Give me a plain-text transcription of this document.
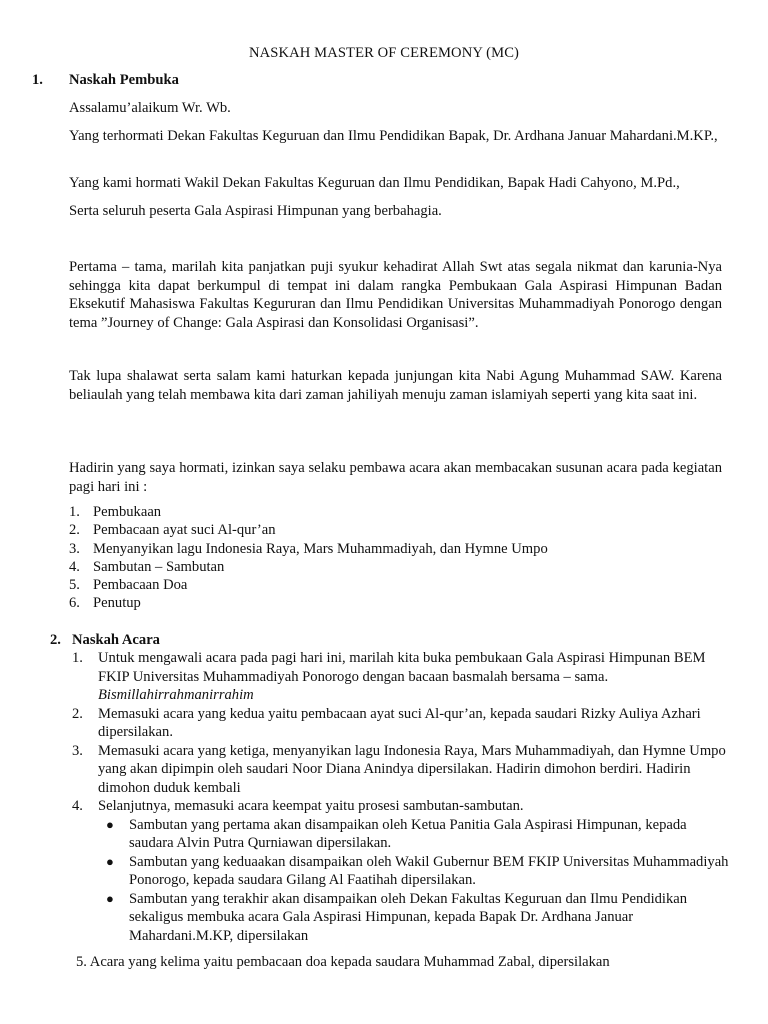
NASKAH MASTER OF CEREMONY (MC)
1. Naskah Pembuka
Assalamu’alaikum Wr. Wb.
Yang terhormati Dekan Fakultas Keguruan dan Ilmu Pendidikan Bapak, Dr. Ardhana Januar Mahardani.M.KP.,
Yang kami hormati Wakil Dekan Fakultas Keguruan dan Ilmu Pendidikan, Bapak Hadi Cahyono, M.Pd.,
Serta seluruh peserta Gala Aspirasi Himpunan yang berbahagia.
Pertama – tama, marilah kita panjatkan puji syukur kehadirat Allah Swt atas segala nikmat dan karunia-Nya sehingga kita dapat berkumpul di tempat ini dalam rangka Pembukaan Gala Aspirasi Himpunan Badan Eksekutif Mahasiswa Fakultas Kegururan dan Ilmu Pendidikan Universitas Muhammadiyah Ponorogo dengan tema ”Journey of Change: Gala Aspirasi dan Konsolidasi Organisasi”.
Tak lupa shalawat serta salam kami haturkan kepada junjungan kita Nabi Agung Muhammad SAW. Karena beliaulah yang telah membawa kita dari zaman jahiliyah menuju zaman islamiyah seperti yang kita saat ini.
Hadirin yang saya hormati, izinkan saya selaku pembawa acara akan membacakan susunan acara pada kegiatan pagi hari ini :
1. Pembukaan
2. Pembacaan ayat suci Al-qur’an
3. Menyanyikan lagu Indonesia Raya, Mars Muhammadiyah, dan Hymne Umpo
4. Sambutan – Sambutan
5. Pembacaan Doa
6. Penutup
2. Naskah Acara
1. Untuk mengawali acara pada pagi hari ini, marilah kita buka pembukaan Gala Aspirasi Himpunan BEM FKIP Universitas Muhammadiyah Ponorogo dengan bacaan basmalah bersama – sama.
Bismillahirrahmanirrahim
2. Memasuki acara yang kedua yaitu pembacaan ayat suci Al-qur’an, kepada saudari Rizky Auliya Azhari dipersilakan.
3. Memasuki acara yang ketiga, menyanyikan lagu Indonesia Raya, Mars Muhammadiyah, dan Hymne Umpo yang akan dipimpin oleh saudari Noor Diana Anindya dipersilakan. Hadirin dimohon berdiri. Hadirin dimohon duduk kembali
4. Selanjutnya, memasuki acara keempat yaitu prosesi sambutan-sambutan.
● Sambutan yang pertama akan disampaikan oleh Ketua Panitia Gala Aspirasi Himpunan, kepada saudara Alvin Putra Qurniawan dipersilakan.
● Sambutan yang keduaakan disampaikan oleh Wakil Gubernur BEM FKIP Universitas Muhammadiyah Ponorogo, kepada saudara Gilang Al Faatihah dipersilakan.
● Sambutan yang terakhir akan disampaikan oleh Dekan Fakultas Keguruan dan Ilmu Pendidikan sekaligus membuka acara Gala Aspirasi Himpunan, kepada Bapak Dr. Ardhana Januar Mahardani.M.KP, dipersilakan
5. Acara yang kelima yaitu pembacaan doa kepada saudara Muhammad Zabal, dipersilakan
